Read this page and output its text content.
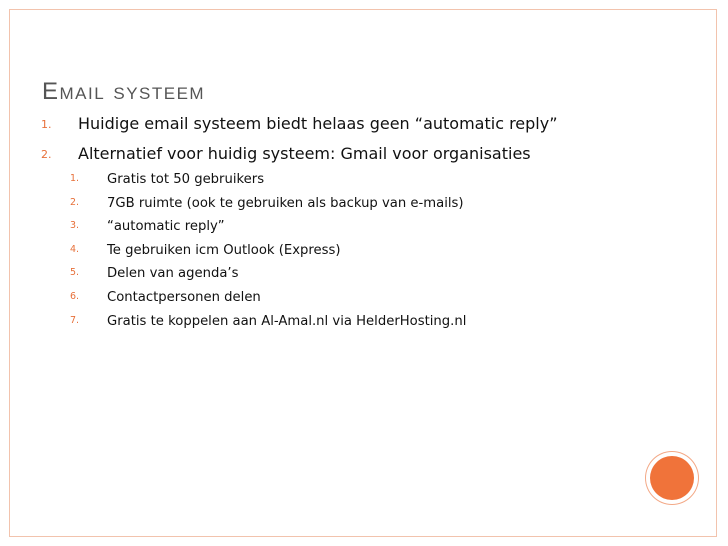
Email systeem
1. Huidige email systeem biedt helaas geen “automatic reply”
2. Alternatief voor huidig systeem: Gmail voor organisaties
1. Gratis tot 50 gebruikers
2. 7GB ruimte (ook te gebruiken als backup van e-mails)
3. “automatic reply”
4. Te gebruiken icm Outlook (Express)
5. Delen van agenda’s
6. Contactpersonen delen
7. Gratis te koppelen aan Al-Amal.nl via HelderHosting.nl
